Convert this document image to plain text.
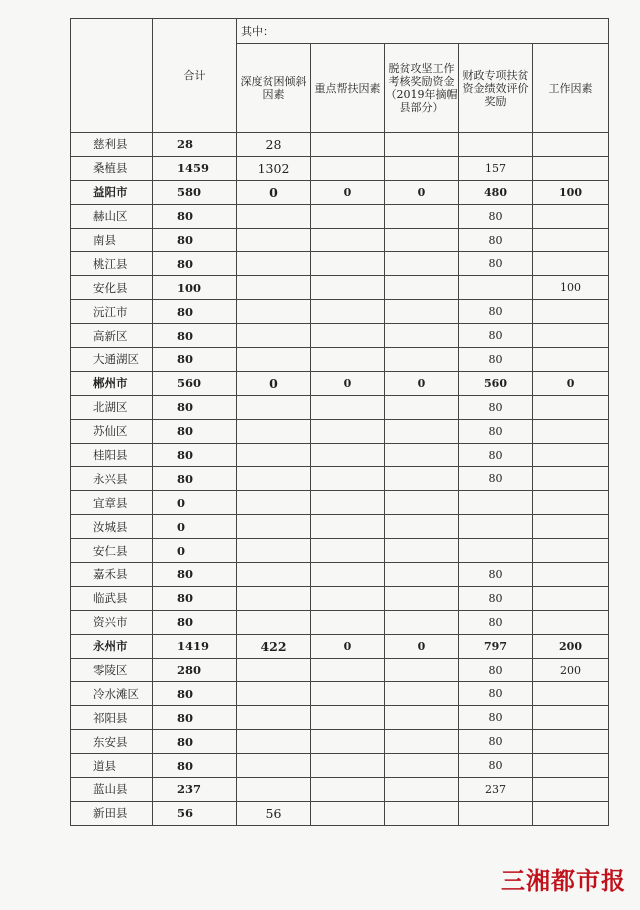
	合计	其中：				
		深度贫困倾斜因素	重点帮扶因素	脱贫攻坚工作考核奖励资金（2019年摘帽县部分）	财政专项扶贫资金绩效评价奖励	工作因素
慈利县	28	28				
桑植县	1459	1302			157	
益阳市	580	0	0	0	480	100
赫山区	80				80	
南县	80				80	
桃江县	80				80	
安化县	100					100
沅江市	80				80	
高新区	80				80	
大通湖区	80				80	
郴州市	560	0	0	0	560	0
北湖区	80				80	
苏仙区	80				80	
桂阳县	80				80	
永兴县	80				80	
宜章县	0					
汝城县	0					
安仁县	0					
嘉禾县	80				80	
临武县	80				80	
资兴市	80				80	
永州市	1419	422	0	0	797	200
零陵区	280				80	200
冷水滩区	80				80	
祁阳县	80				80	
东安县	80				80	
道县	80				80	
蓝山县	237				237	
新田县	56	56				
三湘都市报
